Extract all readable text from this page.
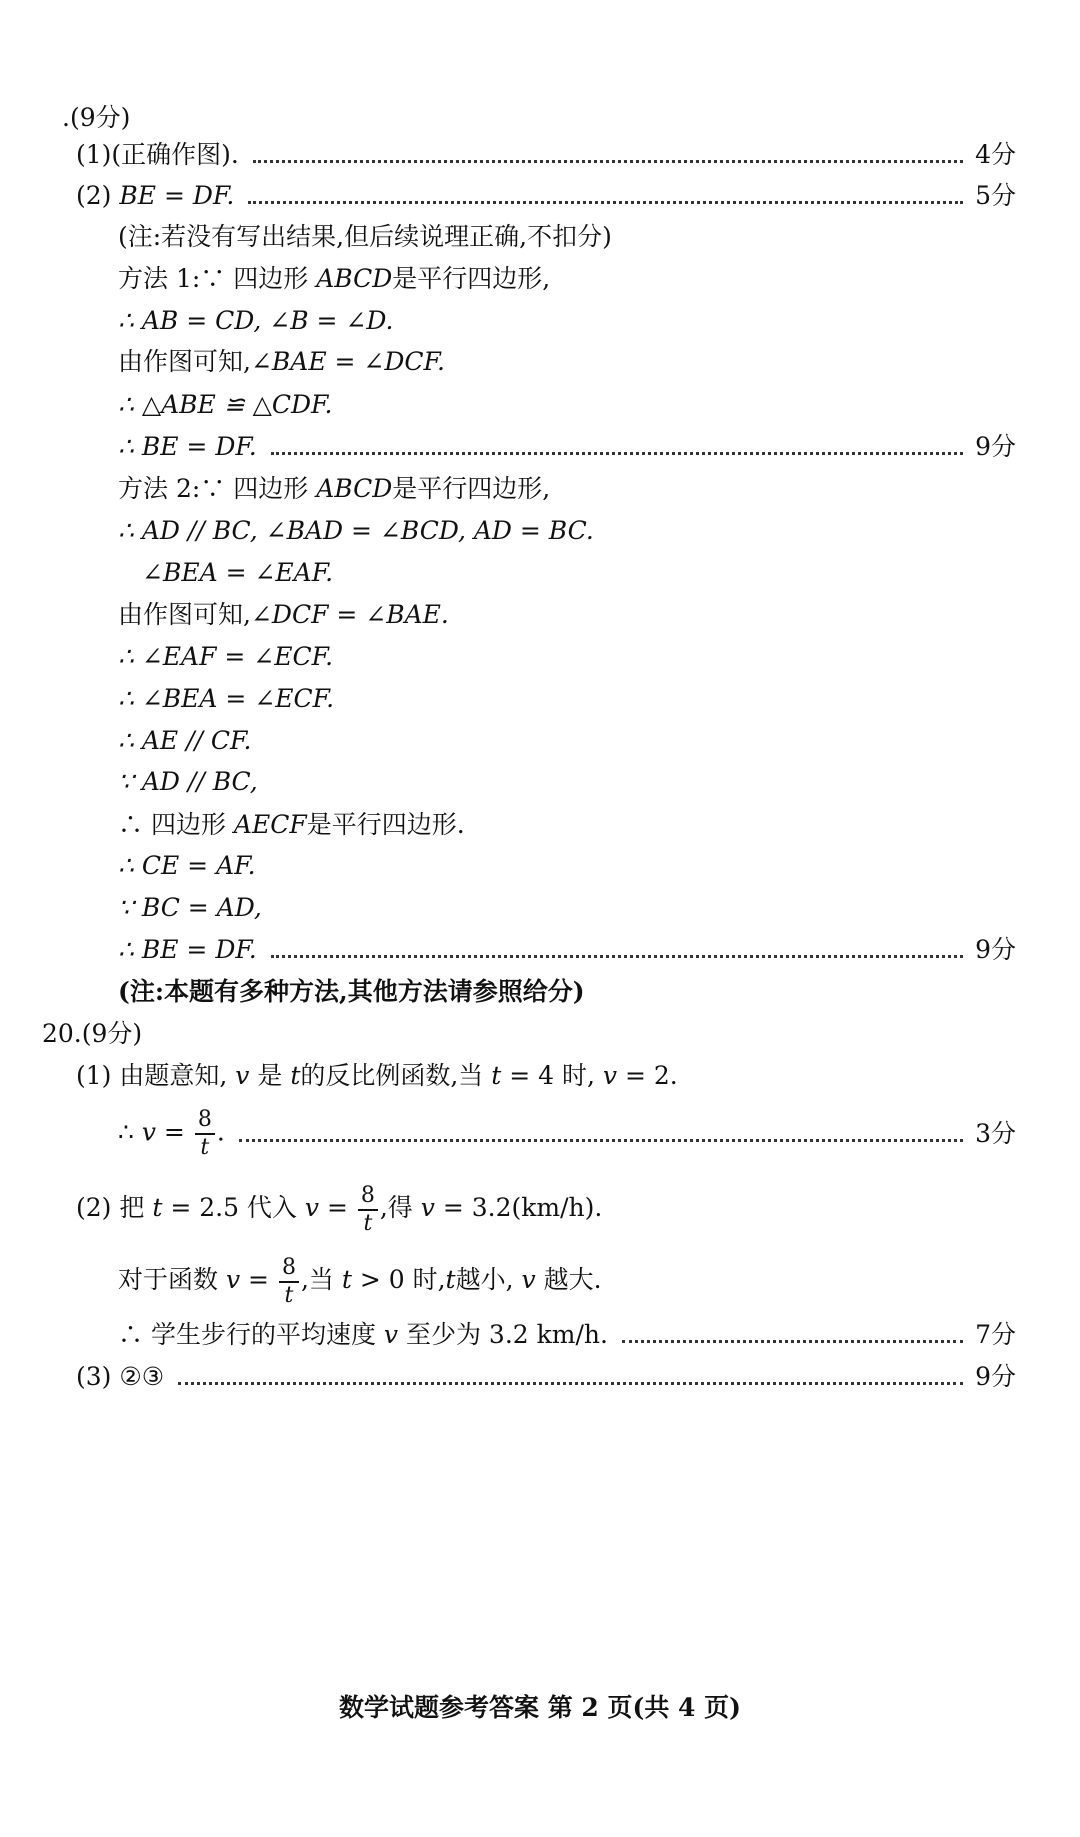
.(9分)
(1)(正确作图).	4分
(2) BE = DF.	5分
(注:若没有写出结果,但后续说理正确,不扣分)
方法 1:∵ 四边形 ABCD是平行四边形,
∴ AB = CD, ∠B = ∠D.
由作图可知,∠BAE = ∠DCF.
∴ △ABE ≌ △CDF.
∴ BE = DF.	9分
方法 2:∵ 四边形 ABCD是平行四边形,
∴ AD // BC, ∠BAD = ∠BCD, AD = BC.
∠BEA = ∠EAF.
由作图可知,∠DCF = ∠BAE.
∴ ∠EAF = ∠ECF.
∴ ∠BEA = ∠ECF.
∴ AE // CF.
∵ AD // BC,
∴ 四边形 AECF是平行四边形.
∴ CE = AF.
∵ BC = AD,
∴ BE = DF.	9分
(注:本题有多种方法,其他方法请参照给分)
20.(9分)
(1) 由题意知, v 是 t的反比例函数,当 t = 4 时, v = 2.
∴ $v = \frac{8}{t}$ .	3分
(2) 把 t = 2.5 代入 $v = \frac{8}{t}$ ,得 v = 3.2(km/h).
对于函数 $v = \frac{8}{t}$ ,当 t > 0 时,t越小, v 越大.
∴ 学生步行的平均速度 v 至少为 3.2 km/h.	7分
(3) ②③	9分
数学试题参考答案 第 2 页(共 4 页)
